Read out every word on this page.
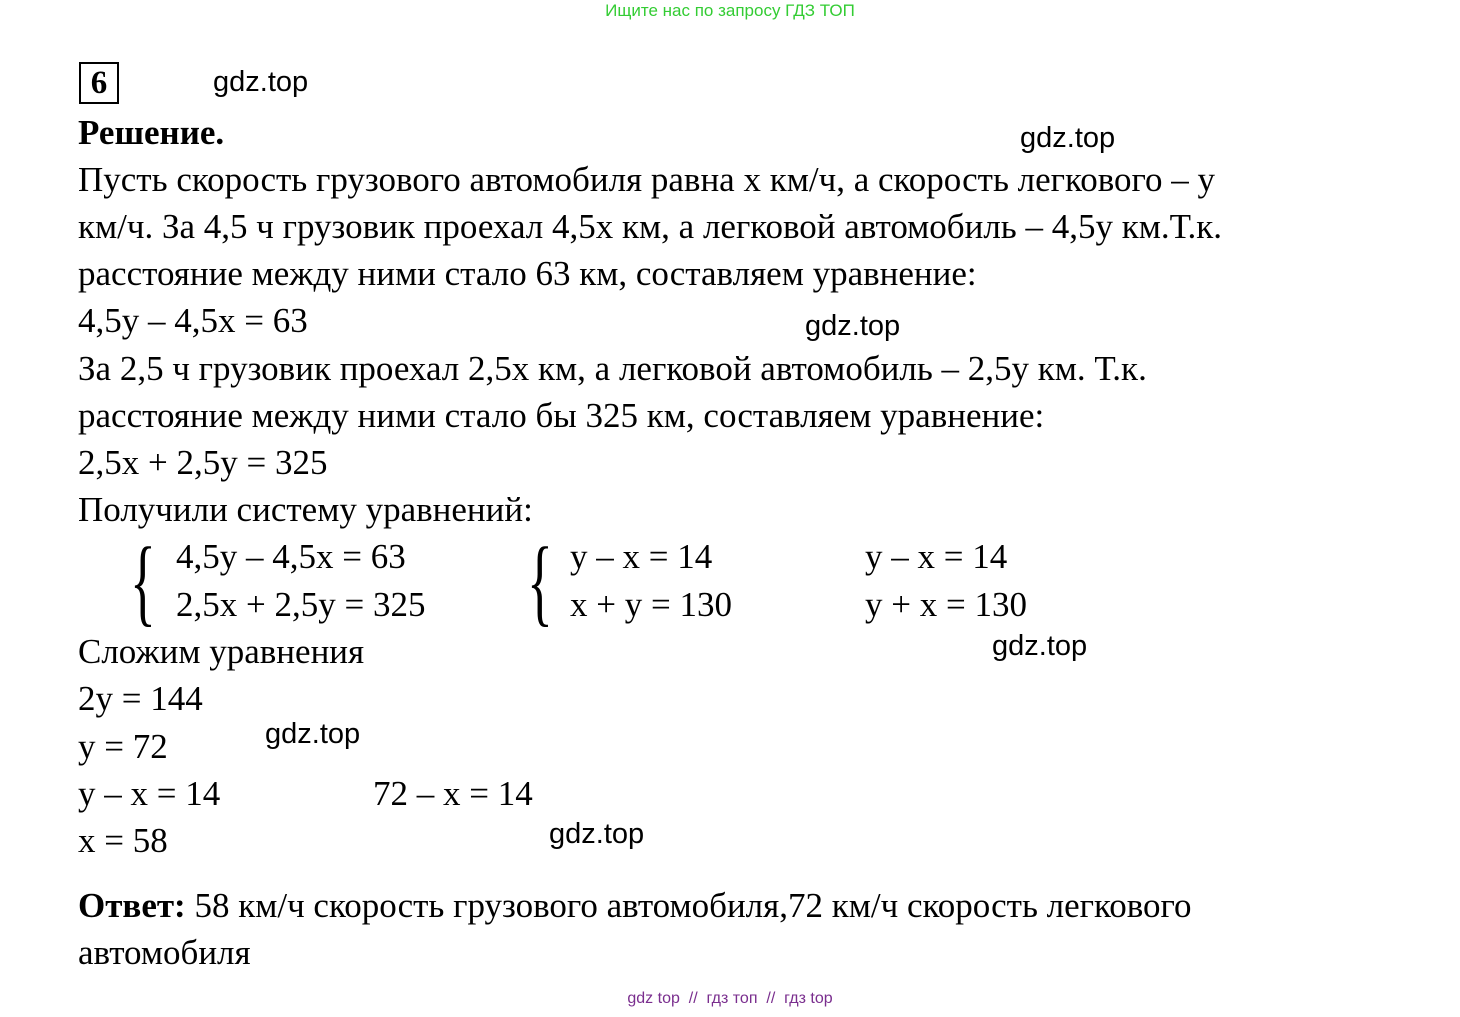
Ищите нас по запросу ГДЗ ТОП
6	gdz.top
gdz.top
gdz.top
gdz.top
gdz.top
gdz.top
Решение.
Пусть скорость грузового автомобиля равна х км/ч, а скорость легкового – у
км/ч. За 4,5 ч грузовик проехал 4,5х км, а легковой автомобиль – 4,5у км.Т.к.
расстояние между ними стало 63 км, составляем уравнение:
4,5у – 4,5х = 63
За 2,5 ч грузовик проехал 2,5х км, а легковой автомобиль – 2,5у км. Т.к.
расстояние между ними стало бы 325 км, составляем уравнение:
2,5х + 2,5у = 325
Получили систему уравнений:
{ 4,5у – 4,5х = 63
2,5х + 2,5у = 325 { у – х = 14
х + у = 130
у – х = 14
у + х = 130
Сложим уравнения
2у = 144
у = 72
у – х = 14	72 – х = 14
х = 58
Ответ: 58 км/ч скорость грузового автомобиля,72 км/ч скорость легкового
автомобиля
gdz top  //  гдз топ  //  гдз top
